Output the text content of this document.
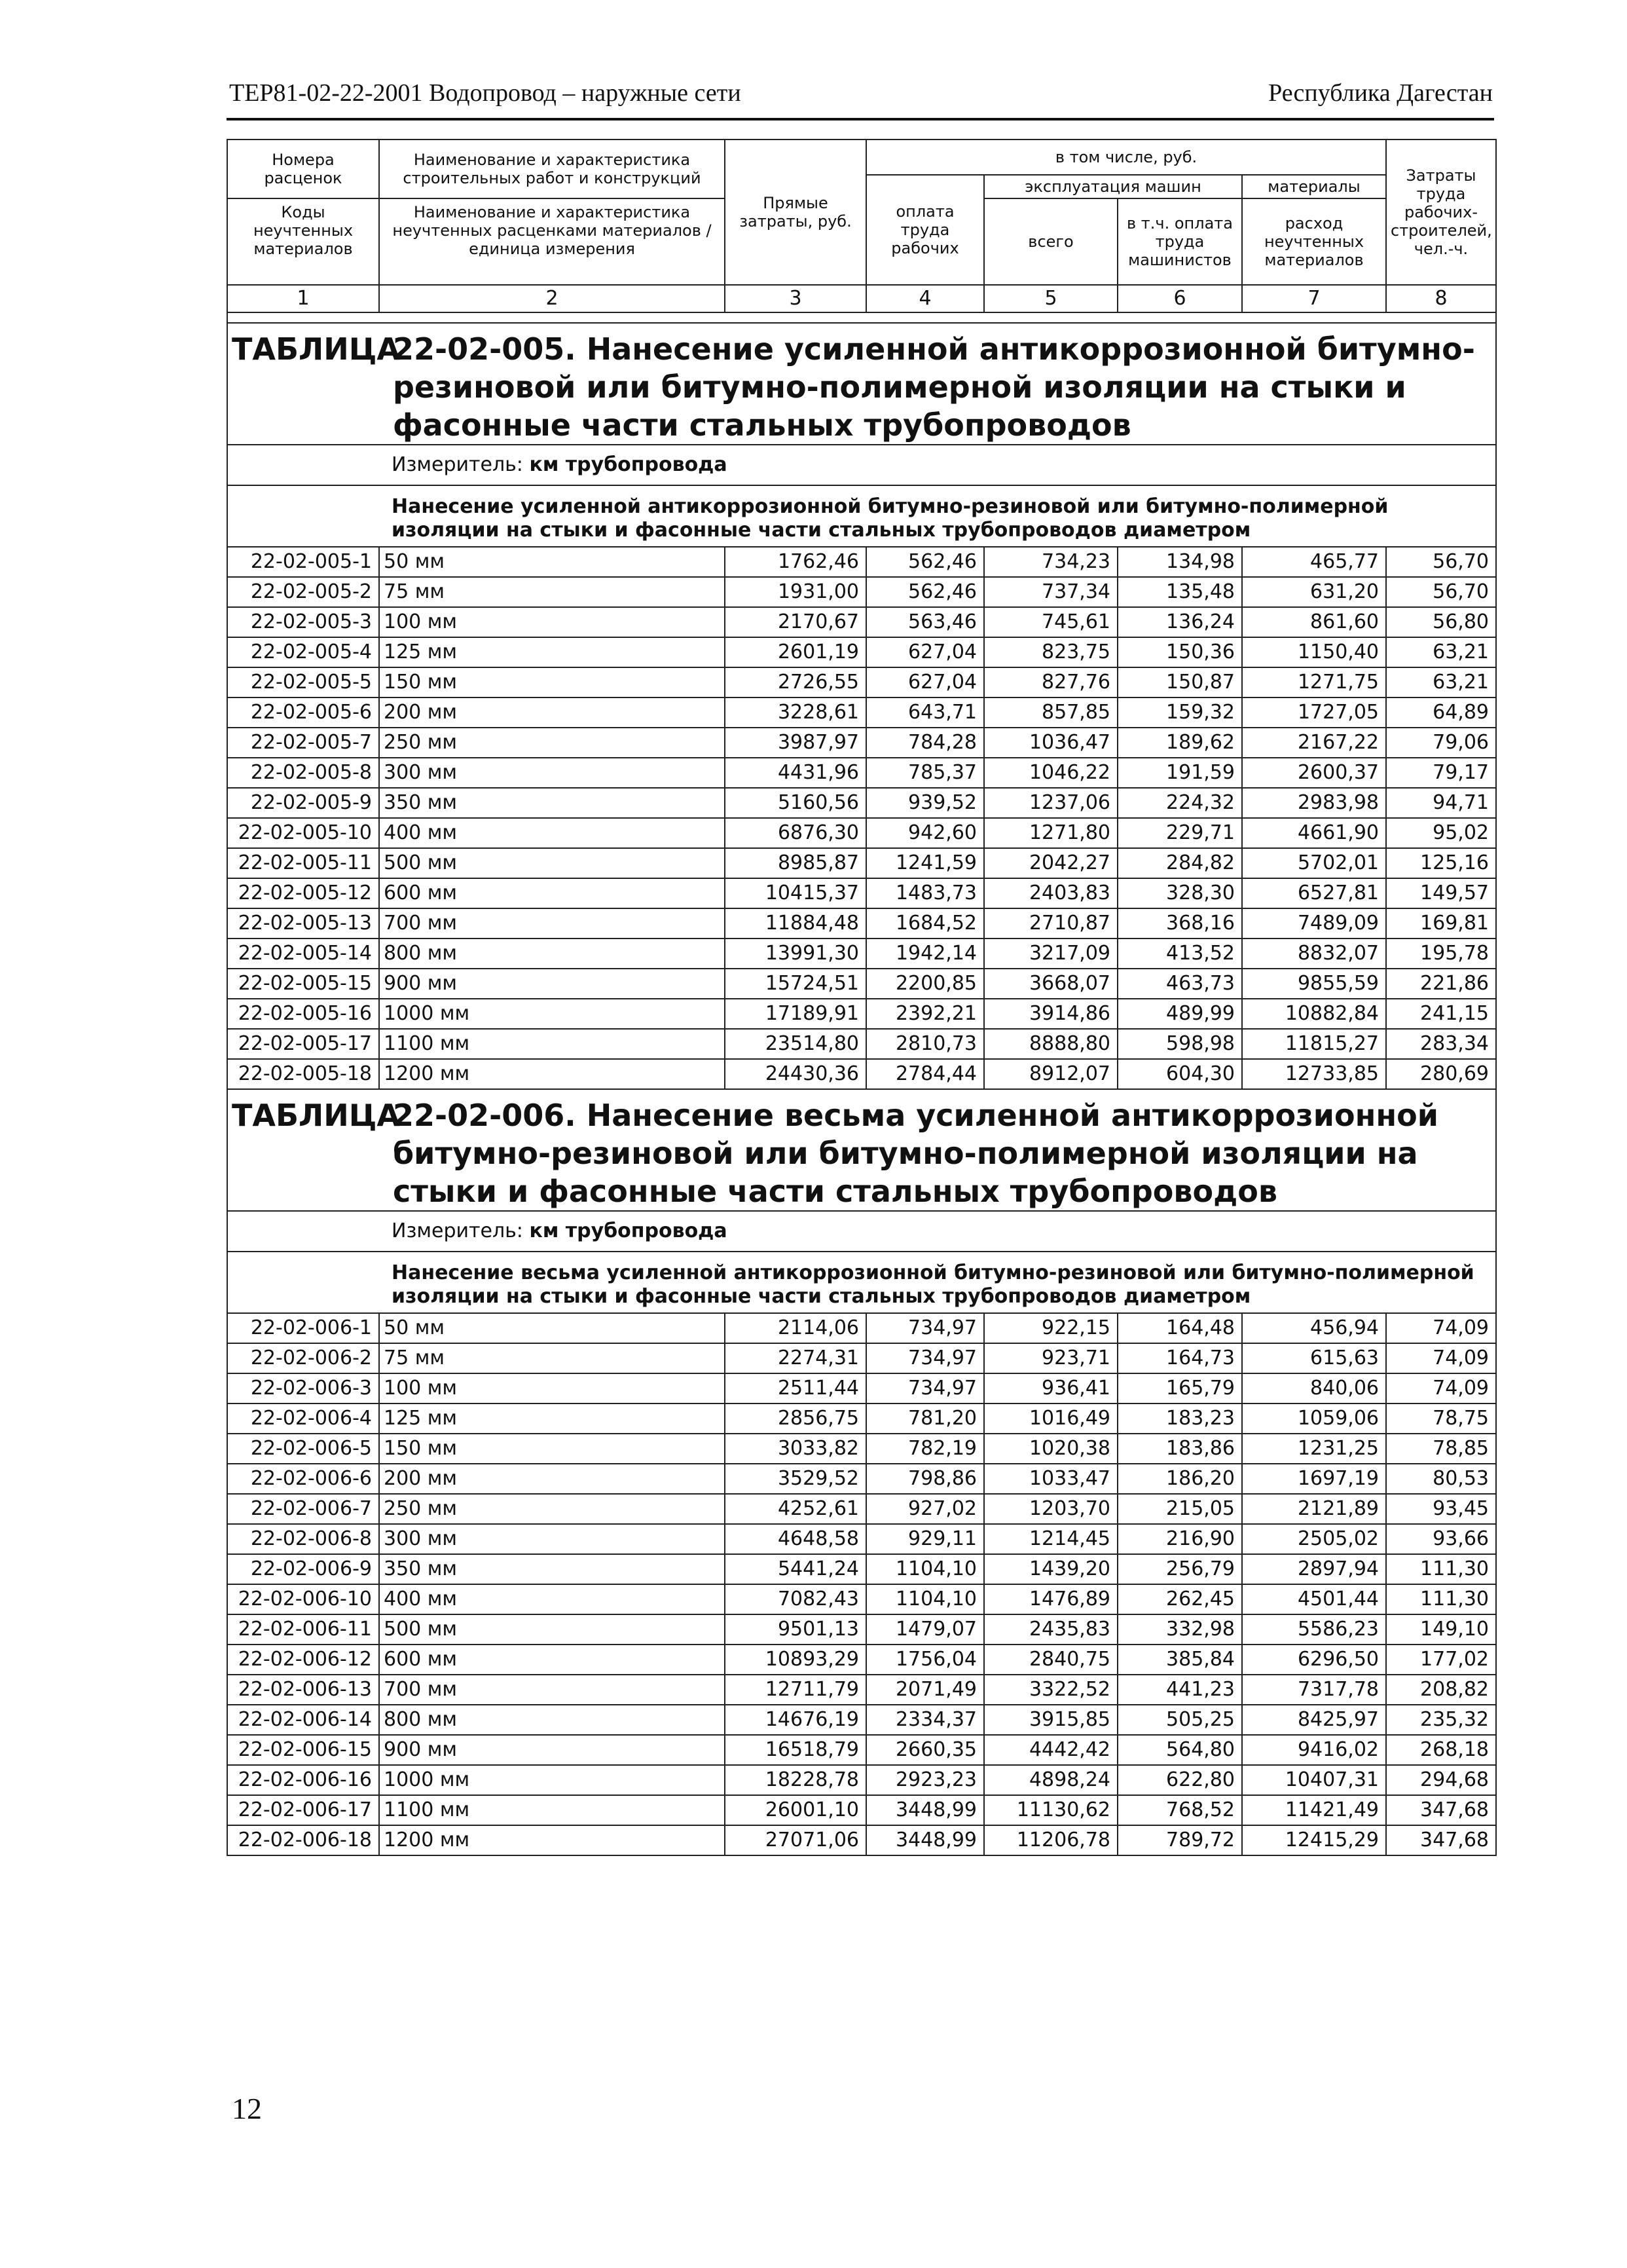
ТЕР81-02-22-2001 Водопровод – наружные сети	Республика Дагестан
Номера расценок	Наименование и характеристика строительных работ и конструкций	Прямые затраты, руб.	в том числе, руб.				Затраты труда рабочих-строителей, чел.-ч.
			оплата труда рабочих	эксплуатация машин		материалы	
Коды неучтенных материалов	Наименование и характеристика неучтенных расценками материалов / единица измерения			всего	в т.ч. оплата труда машинистов	расход неучтенных материалов	

1	2	3	4	5	6	7	8

ТАБЛИЦА
22-02-005. Нанесение усиленной антикоррозионной битумно-резиновой или битумно-полимерной изоляции на стыки и фасонные части стальных трубопроводов							

Измеритель: км трубопровода							
Нанесение усиленной антикоррозионной битумно-резиновой или битумно-полимерной изоляции на стыки и фасонные части стальных трубопроводов диаметром							
22-02-005-1	50 мм	1762,46	562,46	734,23	134,98	465,77	56,70
22-02-005-2	75 мм	1931,00	562,46	737,34	135,48	631,20	56,70
22-02-005-3	100 мм	2170,67	563,46	745,61	136,24	861,60	56,80
22-02-005-4	125 мм	2601,19	627,04	823,75	150,36	1150,40	63,21
22-02-005-5	150 мм	2726,55	627,04	827,76	150,87	1271,75	63,21
22-02-005-6	200 мм	3228,61	643,71	857,85	159,32	1727,05	64,89
22-02-005-7	250 мм	3987,97	784,28	1036,47	189,62	2167,22	79,06
22-02-005-8	300 мм	4431,96	785,37	1046,22	191,59	2600,37	79,17
22-02-005-9	350 мм	5160,56	939,52	1237,06	224,32	2983,98	94,71
22-02-005-10	400 мм	6876,30	942,60	1271,80	229,71	4661,90	95,02
22-02-005-11	500 мм	8985,87	1241,59	2042,27	284,82	5702,01	125,16
22-02-005-12	600 мм	10415,37	1483,73	2403,83	328,30	6527,81	149,57
22-02-005-13	700 мм	11884,48	1684,52	2710,87	368,16	7489,09	169,81
22-02-005-14	800 мм	13991,30	1942,14	3217,09	413,52	8832,07	195,78
22-02-005-15	900 мм	15724,51	2200,85	3668,07	463,73	9855,59	221,86
22-02-005-16	1000 мм	17189,91	2392,21	3914,86	489,99	10882,84	241,15
22-02-005-17	1100 мм	23514,80	2810,73	8888,80	598,98	11815,27	283,34
22-02-005-18	1200 мм	24430,36	2784,44	8912,07	604,30	12733,85	280,69

ТАБЛИЦА
22-02-006. Нанесение весьма усиленной антикоррозионной битумно-резиновой или битумно-полимерной изоляции на стыки и фасонные части стальных трубопроводов							

Измеритель: км трубопровода							
Нанесение весьма усиленной антикоррозионной битумно-резиновой или битумно-полимерной изоляции на стыки и фасонные части стальных трубопроводов диаметром							
22-02-006-1	50 мм	2114,06	734,97	922,15	164,48	456,94	74,09
22-02-006-2	75 мм	2274,31	734,97	923,71	164,73	615,63	74,09
22-02-006-3	100 мм	2511,44	734,97	936,41	165,79	840,06	74,09
22-02-006-4	125 мм	2856,75	781,20	1016,49	183,23	1059,06	78,75
22-02-006-5	150 мм	3033,82	782,19	1020,38	183,86	1231,25	78,85
22-02-006-6	200 мм	3529,52	798,86	1033,47	186,20	1697,19	80,53
22-02-006-7	250 мм	4252,61	927,02	1203,70	215,05	2121,89	93,45
22-02-006-8	300 мм	4648,58	929,11	1214,45	216,90	2505,02	93,66
22-02-006-9	350 мм	5441,24	1104,10	1439,20	256,79	2897,94	111,30
22-02-006-10	400 мм	7082,43	1104,10	1476,89	262,45	4501,44	111,30
22-02-006-11	500 мм	9501,13	1479,07	2435,83	332,98	5586,23	149,10
22-02-006-12	600 мм	10893,29	1756,04	2840,75	385,84	6296,50	177,02
22-02-006-13	700 мм	12711,79	2071,49	3322,52	441,23	7317,78	208,82
22-02-006-14	800 мм	14676,19	2334,37	3915,85	505,25	8425,97	235,32
22-02-006-15	900 мм	16518,79	2660,35	4442,42	564,80	9416,02	268,18
22-02-006-16	1000 мм	18228,78	2923,23	4898,24	622,80	10407,31	294,68
22-02-006-17	1100 мм	26001,10	3448,99	11130,62	768,52	11421,49	347,68
22-02-006-18	1200 мм	27071,06	3448,99	11206,78	789,72	12415,29	347,68
12
